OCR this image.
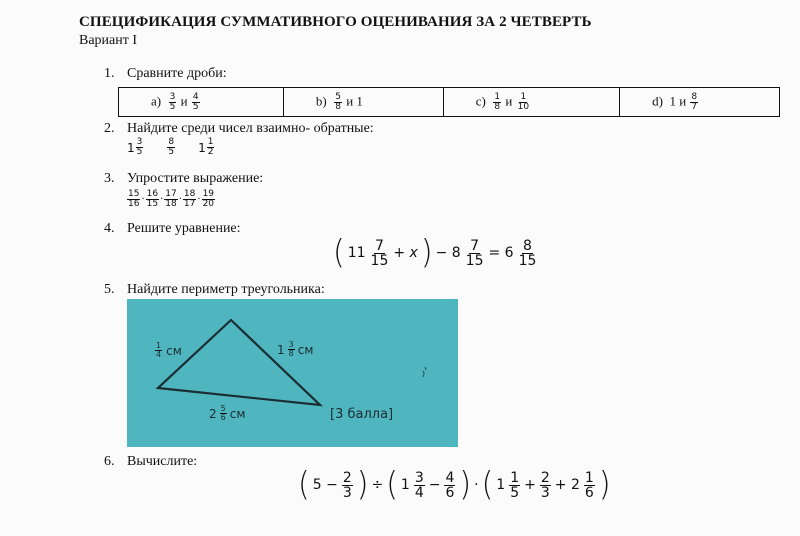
СПЕЦИФИКАЦИЯ СУММАТИВНОГО ОЦЕНИВАНИЯ ЗА 2 ЧЕТВЕРТЬ
Вариант I
1. Сравните дроби:
$a) \frac{3}{5}$ и $\frac{4}{5}$	$b) \frac{5}{8}$ и 1	$c) \frac{1}{8}$ и $\frac{1}{10}$	d) 1 и $\frac{8}{7}$
2. Найдите среди чисел взаимно- обратные:
$1 \frac{3}{5}$	$\frac{8}{5} 1 \frac{1}{2}$
3. Упростите выражение:
$\frac{15}{16} \cdot \frac{16}{15} \cdot \frac{17}{18} \cdot \frac{18}{17} \cdot \frac{19}{20}$
4. Решите уравнение:
( $11 \frac{7}{15} + x$ ) − $8 \frac{7}{15} = 6 \frac{8}{15}$
5. Найдите периметр треугольника:
$\frac{1}{4}$ см	$1 \frac{3}{8}$ см
$2 \frac{5}{6}$ см	[3 балла]
6. Вычислите:
( $5 - \frac{2}{3}$ ) ÷ ( $1 \frac{3}{4} - \frac{4}{6}$ ) · ( $1 \frac{1}{5} + \frac{2}{3} + 2 \frac{1}{6}$ )
